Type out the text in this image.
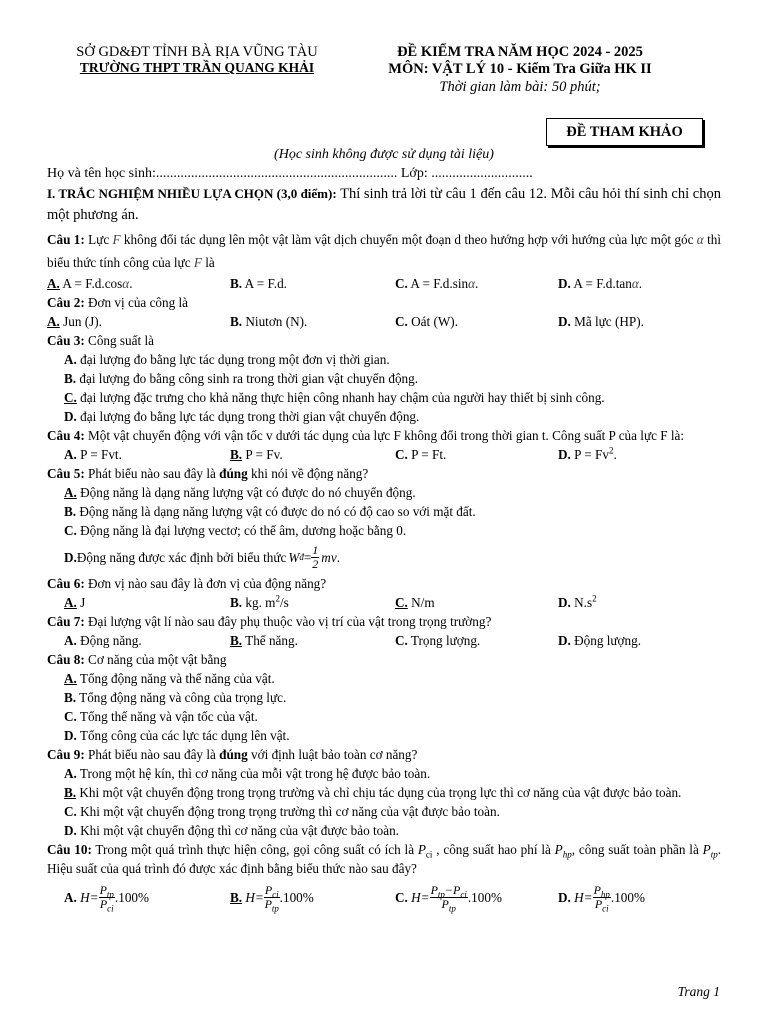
SỞ GD&ĐT TỈNH BÀ RỊA VŨNG TÀU
TRƯỜNG THPT TRẦN QUANG KHẢI
ĐỀ KIỂM TRA NĂM HỌC 2024 - 2025
MÔN: VẬT LÝ 10 - Kiểm Tra Giữa HK II
Thời gian làm bài: 50 phút;
ĐỀ THAM KHẢO
(Học sinh không được sử dụng tài liệu)
Họ và tên học sinh:..................................................................... Lớp: .............................
I. TRẮC NGHIỆM NHIỀU LỰA CHỌN (3,0 điểm): Thí sinh trả lời từ câu 1 đến câu 12. Mỗi câu hỏi thí sinh chỉ chọn một phương án.
Câu 1: Lực F không đổi tác dụng lên một vật làm vật dịch chuyển một đoạn d theo hướng hợp với hướng của lực một góc α thì biểu thức tính công của lực F là
A. A = F.d.cosα.	B. A = F.d.	C. A = F.d.sinα.	D. A = F.d.tanα.
Câu 2: Đơn vị của công là
A. Jun (J).	B. Niutơn (N).	C. Oát (W).	D. Mã lực (HP).
Câu 3: Công suất là
A. đại lượng đo bằng lực tác dụng trong một đơn vị thời gian.
B. đại lượng đo bằng công sinh ra trong thời gian vật chuyển động.
C. đại lượng đặc trưng cho khả năng thực hiện công nhanh hay chậm của người hay thiết bị sinh công.
D. đại lượng đo bằng lực tác dụng trong thời gian vật chuyển động.
Câu 4: Một vật chuyển động với vận tốc v dưới tác dụng của lực F không đổi trong thời gian t. Công suất P của lực F là:
A. P = Fvt.	B. P = Fv.	C. P = Ft.	D. $P = Fv^2$.
Câu 5: Phát biểu nào sau đây là đúng khi nói về động năng?
A. Động năng là dạng năng lượng vật có được do nó chuyển động.
B. Động năng là dạng năng lượng vật có được do nó có độ cao so với mặt đất.
C. Động năng là đại lượng vectơ; có thể âm, dương hoặc bằng 0.
D. Động năng được xác định bởi biểu thức W đ = $\frac{1}{2}$ mv .
Câu 6: Đơn vị nào sau đây là đơn vị của động năng?
A. J	B. kg. $m^2/s$	C. N/m	D. $N.s^2$
Câu 7: Đại lượng vật lí nào sau đây phụ thuộc vào vị trí của vật trong trọng trường?
A. Động năng.	B. Thế năng.	C. Trọng lượng.	D. Động lượng.
Câu 8: Cơ năng của một vật bằng
A. Tổng động năng và thế năng của vật.
B. Tổng động năng và công của trọng lực.
C. Tổng thế năng và vận tốc của vật.
D. Tổng công của các lực tác dụng lên vật.
Câu 9: Phát biểu nào sau đây là đúng với định luật bảo toàn cơ năng?
A. Trong một hệ kín, thì cơ năng của mỗi vật trong hệ được bảo toàn.
B. Khi một vật chuyển động trong trọng trường và chỉ chịu tác dụng của trọng lực thì cơ năng của vật được bảo toàn.
C. Khi một vật chuyển động trong trọng trường thì cơ năng của vật được bảo toàn.
D. Khi một vật chuyển động thì cơ năng của vật được bảo toàn.
Câu 10: Trong một quá trình thực hiện công, gọi công suất có ích là $P_{ci}$ , công suất hao phí là $P_{hp}$, công suất toàn phần là $P_{tp}$. Hiệu suất của quá trình đó được xác định bằng biểu thức nào sau đây?
A.
$H= \frac{P_{tp}}{P_{ci}} .100\%$	B.
$H= \frac{P_{ci}}{P_{tp}} .100\%$	C.
$H= \frac{P_{tp}-P_{ci}}{P_{tp}} .100\%$	D.
$H= \frac{P_{hp}}{P_{ci}} .100\%$
Trang 1
